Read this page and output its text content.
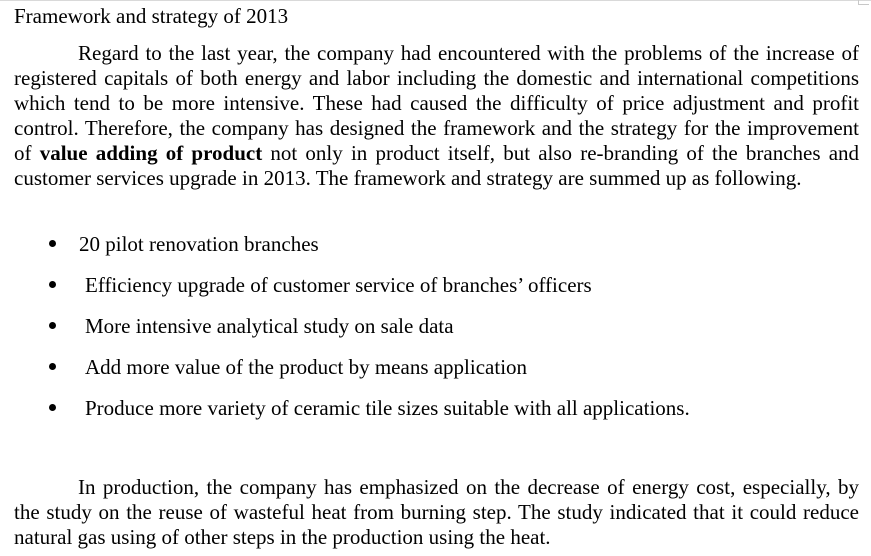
Framework and strategy of 2013

Regard to the last year, the company had encountered with the problems of the increase of registered capitals of both energy and labor including the domestic and international competitions which tend to be more intensive. These had caused the difficulty of price adjustment and profit control. Therefore, the company has designed the framework and the strategy for the improvement of value adding of product not only in product itself, but also re-branding of the branches and customer services upgrade in 2013. The framework and strategy are summed up as following.

20 pilot renovation branches
Efficiency upgrade of customer service of branches’ officers
More intensive analytical study on sale data
Add more value of the product by means application
Produce more variety of ceramic tile sizes suitable with all applications.

In production, the company has emphasized on the decrease of energy cost, especially, by the study on the reuse of wasteful heat from burning step. The study indicated that it could reduce natural gas using of other steps in the production using the heat.
